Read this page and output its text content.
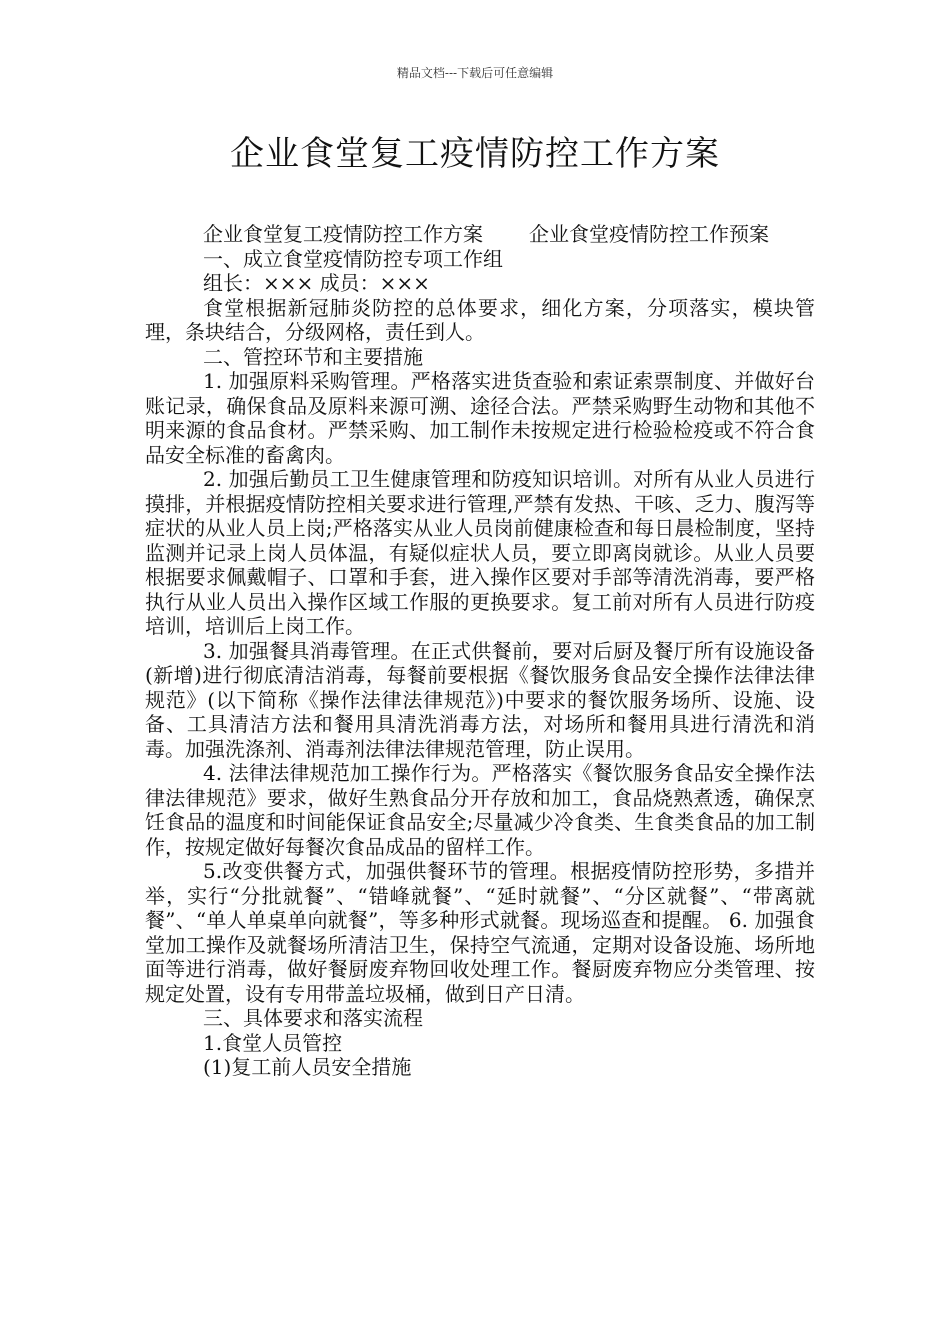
精品文档---下载后可任意编辑
企业食堂复工疫情防控工作方案

企业食堂复工疫情防控工作方案 企业食堂疫情防控工作预案

一、成立食堂疫情防控专项工作组

组长：××× 成员：×××

食堂根据新冠肺炎防控的总体要求，细化方案，分项落实，模块管理，条块结合，分级网格，责任到人。

二、管控环节和主要措施

1. 加强原料采购管理。严格落实进货查验和索证索票制度、并做好台账记录，确保食品及原料来源可溯、途径合法。严禁采购野生动物和其他不明来源的食品食材。严禁采购、加工制作未按规定进行检验检疫或不符合食品安全标准的畜禽肉。

2. 加强后勤员工卫生健康管理和防疫知识培训。对所有从业人员进行摸排，并根据疫情防控相关要求进行管理,严禁有发热、干咳、乏力、腹泻等症状的从业人员上岗;严格落实从业人员岗前健康检查和每日晨检制度，坚持监测并记录上岗人员体温，有疑似症状人员，要立即离岗就诊。从业人员要根据要求佩戴帽子、口罩和手套，进入操作区要对手部等清洗消毒，要严格执行从业人员出入操作区域工作服的更换要求。复工前对所有人员进行防疫培训，培训后上岗工作。

3. 加强餐具消毒管理。在正式供餐前，要对后厨及餐厅所有设施设备(新增)进行彻底清洁消毒，每餐前要根据《餐饮服务食品安全操作法律法律规范》(以下简称《操作法律法律规范》)中要求的餐饮服务场所、设施、设备、工具清洁方法和餐用具清洗消毒方法，对场所和餐用具进行清洗和消毒。加强洗涤剂、消毒剂法律法律规范管理，防止误用。

4. 法律法律规范加工操作行为。严格落实《餐饮服务食品安全操作法律法律规范》要求，做好生熟食品分开存放和加工，食品烧熟煮透，确保烹饪食品的温度和时间能保证食品安全;尽量减少冷食类、生食类食品的加工制作，按规定做好每餐次食品成品的留样工作。

5.改变供餐方式，加强供餐环节的管理。根据疫情防控形势，多措并举，实行“分批就餐”、“错峰就餐”、“延时就餐”、“分区就餐”、“带离就餐”、“单人单桌单向就餐”，等多种形式就餐。现场巡查和提醒。 6. 加强食堂加工操作及就餐场所清洁卫生，保持空气流通，定期对设备设施、场所地面等进行消毒，做好餐厨废弃物回收处理工作。餐厨废弃物应分类管理、按规定处置，设有专用带盖垃圾桶，做到日产日清。

三、具体要求和落实流程

1.食堂人员管控

(1)复工前人员安全措施
